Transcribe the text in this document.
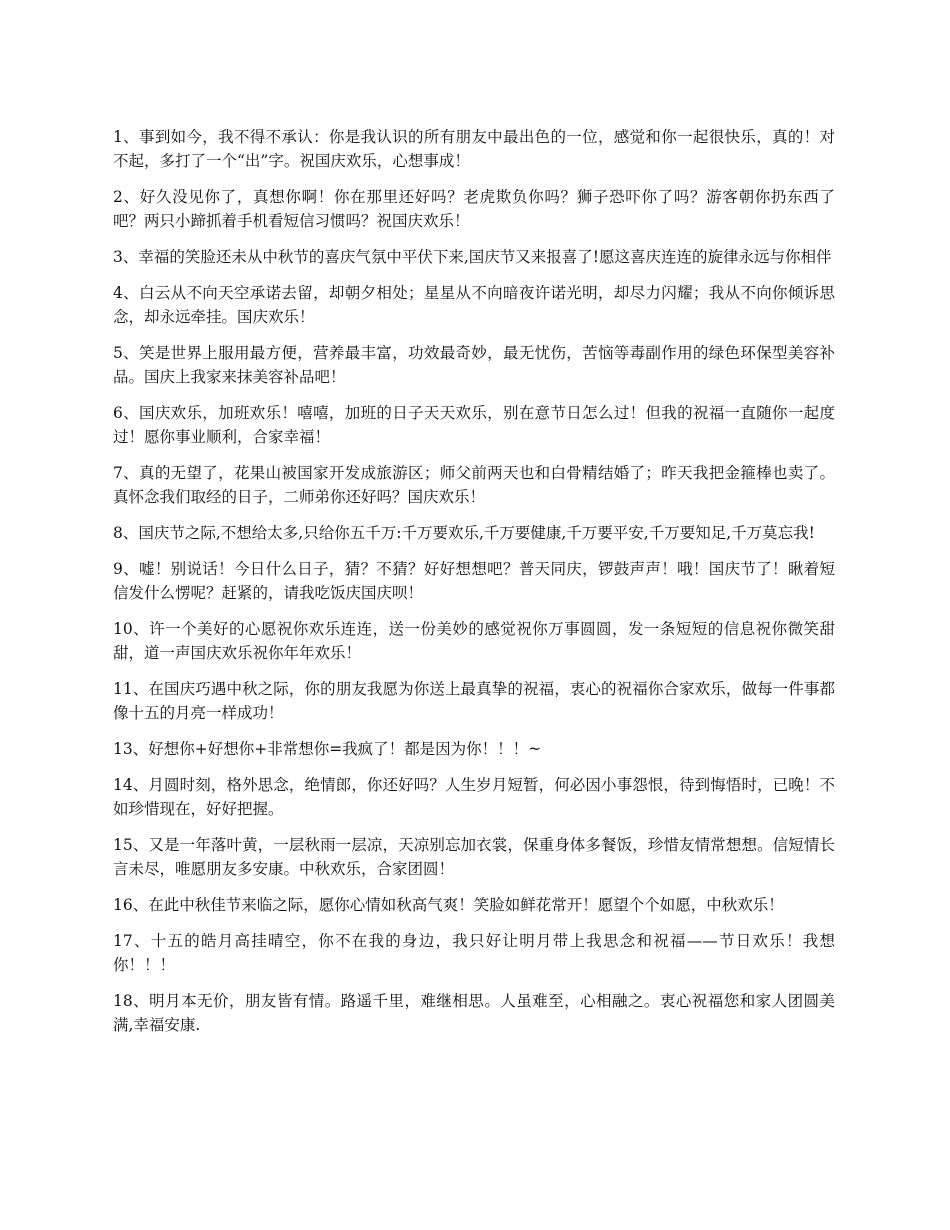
1、事到如今，我不得不承认：你是我认识的所有朋友中最出色的一位，感觉和你一起很快乐，真的！对不起，多打了一个“出”字。祝国庆欢乐，心想事成！

2、好久没见你了，真想你啊！你在那里还好吗？老虎欺负你吗？狮子恐吓你了吗？游客朝你扔东西了吧？两只小蹄抓着手机看短信习惯吗？祝国庆欢乐！

3、幸福的笑脸还未从中秋节的喜庆气氛中平伏下来,国庆节又来报喜了!愿这喜庆连连的旋律永远与你相伴

4、白云从不向天空承诺去留，却朝夕相处；星星从不向暗夜许诺光明，却尽力闪耀；我从不向你倾诉思念，却永远牵挂。国庆欢乐！

5、笑是世界上服用最方便，营养最丰富，功效最奇妙，最无忧伤，苦恼等毒副作用的绿色环保型美容补品。国庆上我家来抹美容补品吧！

6、国庆欢乐，加班欢乐！嘻嘻，加班的日子天天欢乐，别在意节日怎么过！但我的祝福一直随你一起度过！愿你事业顺利，合家幸福！

7、真的无望了，花果山被国家开发成旅游区；师父前两天也和白骨精结婚了；昨天我把金箍棒也卖了。真怀念我们取经的日子，二师弟你还好吗？国庆欢乐！

8、国庆节之际,不想给太多,只给你五千万:千万要欢乐,千万要健康,千万要平安,千万要知足,千万莫忘我!

9、嘘！别说话！今日什么日子，猜？不猜？好好想想吧？普天同庆，锣鼓声声！哦！国庆节了！瞅着短信发什么愣呢？赶紧的，请我吃饭庆国庆呗！

10、许一个美好的心愿祝你欢乐连连，送一份美妙的感觉祝你万事圆圆，发一条短短的信息祝你微笑甜甜，道一声国庆欢乐祝你年年欢乐！

11、在国庆巧遇中秋之际，你的朋友我愿为你送上最真挚的祝福，衷心的祝福你合家欢乐，做每一件事都像十五的月亮一样成功！

13、好想你+好想你+非常想你=我疯了！都是因为你！！！~

14、月圆时刻，格外思念，绝情郎，你还好吗？人生岁月短暂，何必因小事怨恨，待到悔悟时，已晚！不如珍惜现在，好好把握。

15、又是一年落叶黄，一层秋雨一层凉，天凉别忘加衣裳，保重身体多餐饭，珍惜友情常想想。信短情长言未尽，唯愿朋友多安康。中秋欢乐，合家团圆！

16、在此中秋佳节来临之际，愿你心情如秋高气爽！笑脸如鲜花常开！愿望个个如愿，中秋欢乐！

17、十五的皓月高挂晴空，你不在我的身边，我只好让明月带上我思念和祝福——节日欢乐！我想你！！！

18、明月本无价，朋友皆有情。路遥千里，难继相思。人虽难至，心相融之。衷心祝福您和家人团圆美满,幸福安康.
